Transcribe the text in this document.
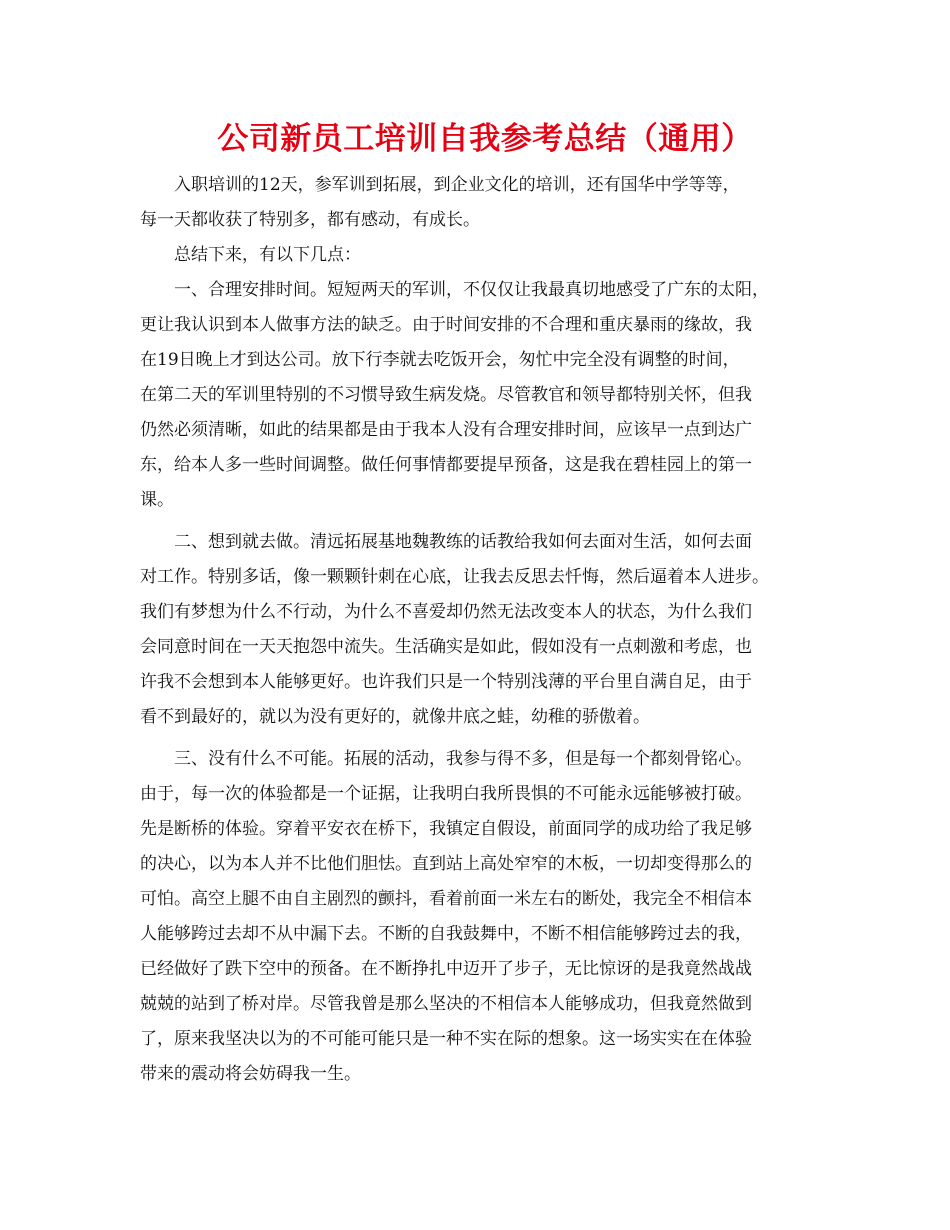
公司新员工培训自我参考总结（通用）
　　入职培训的12天，参军训到拓展，到企业文化的培训，还有国华中学等等，
每一天都收获了特别多，都有感动，有成长。
　　总结下来，有以下几点：
　　一、合理安排时间。短短两天的军训，不仅仅让我最真切地感受了广东的太阳，
更让我认识到本人做事方法的缺乏。由于时间安排的不合理和重庆暴雨的缘故，我
在19日晚上才到达公司。放下行李就去吃饭开会，匆忙中完全没有调整的时间，
在第二天的军训里特别的不习惯导致生病发烧。尽管教官和领导都特别关怀，但我
仍然必须清晰，如此的结果都是由于我本人没有合理安排时间，应该早一点到达广
东，给本人多一些时间调整。做任何事情都要提早预备，这是我在碧桂园上的第一
课。
　　二、想到就去做。清远拓展基地魏教练的话教给我如何去面对生活，如何去面
对工作。特别多话，像一颗颗针刺在心底，让我去反思去忏悔，然后逼着本人进步。
我们有梦想为什么不行动，为什么不喜爱却仍然无法改变本人的状态，为什么我们
会同意时间在一天天抱怨中流失。生活确实是如此，假如没有一点刺激和考虑，也
许我不会想到本人能够更好。也许我们只是一个特别浅薄的平台里自满自足，由于
看不到最好的，就以为没有更好的，就像井底之蛙，幼稚的骄傲着。
　　三、没有什么不可能。拓展的活动，我参与得不多，但是每一个都刻骨铭心。
由于，每一次的体验都是一个证据，让我明白我所畏惧的不可能永远能够被打破。
先是断桥的体验。穿着平安衣在桥下，我镇定自假设，前面同学的成功给了我足够
的决心，以为本人并不比他们胆怯。直到站上高处窄窄的木板，一切却变得那么的
可怕。高空上腿不由自主剧烈的颤抖，看着前面一米左右的断处，我完全不相信本
人能够跨过去却不从中漏下去。不断的自我鼓舞中，不断不相信能够跨过去的我，
已经做好了跌下空中的预备。在不断挣扎中迈开了步子，无比惊讶的是我竟然战战
兢兢的站到了桥对岸。尽管我曾是那么坚决的不相信本人能够成功，但我竟然做到
了，原来我坚决以为的不可能可能只是一种不实在际的想象。这一场实实在在体验
带来的震动将会妨碍我一生。
